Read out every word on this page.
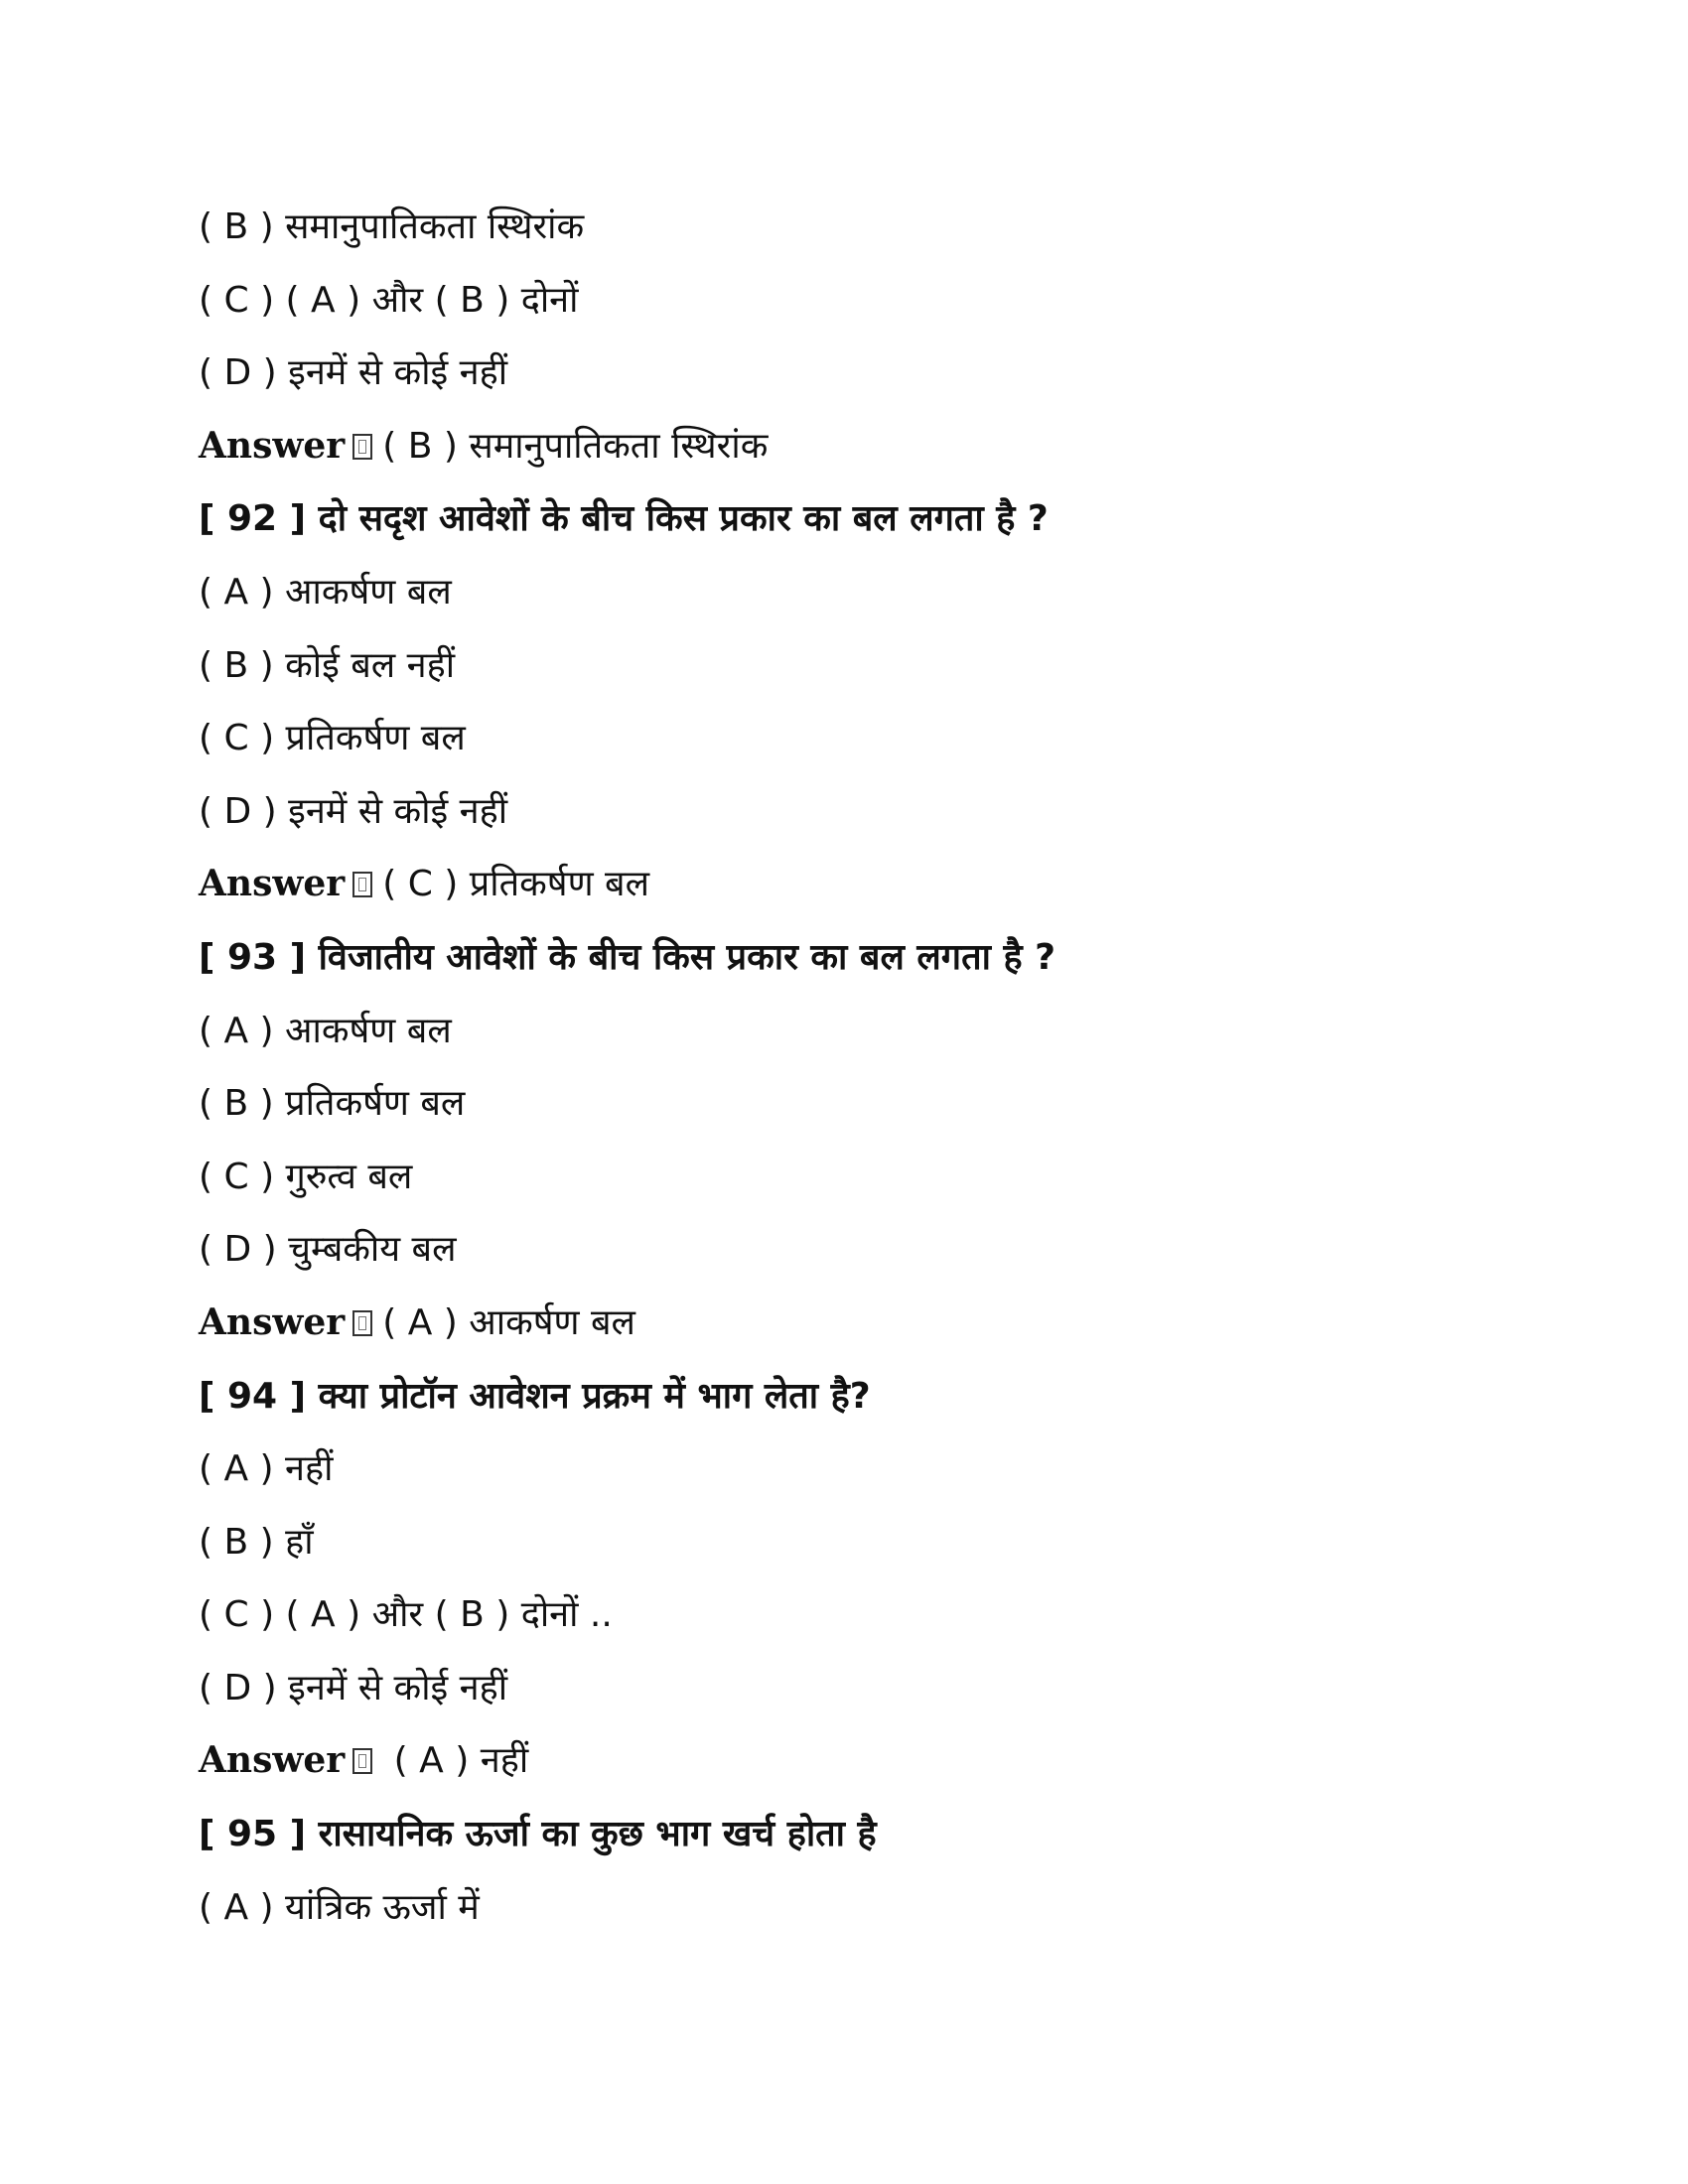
( B ) समानुपातिकता स्थिरांक
( C ) ( A ) और ( B ) दोनों
( D ) इनमें से कोई नहीं
Answer ( B ) समानुपातिकता स्थिरांक
[ 92 ] दो सदृश आवेशों के बीच किस प्रकार का बल लगता है ?
( A ) आकर्षण बल
( B ) कोई बल नहीं
( C ) प्रतिकर्षण बल
( D ) इनमें से कोई नहीं
Answer ( C ) प्रतिकर्षण बल
[ 93 ] विजातीय आवेशों के बीच किस प्रकार का बल लगता है ?
( A ) आकर्षण बल
( B ) प्रतिकर्षण बल
( C ) गुरुत्व बल
( D ) चुम्बकीय बल
Answer ( A ) आकर्षण बल
[ 94 ] क्या प्रोटॉन आवेशन प्रक्रम में भाग लेता है?
( A ) नहीं
( B ) हाँ
( C ) ( A ) और ( B ) दोनों ..
( D ) इनमें से कोई नहीं
Answer ( A ) नहीं
[ 95 ] रासायनिक ऊर्जा का कुछ भाग खर्च होता है
( A ) यांत्रिक ऊर्जा में
